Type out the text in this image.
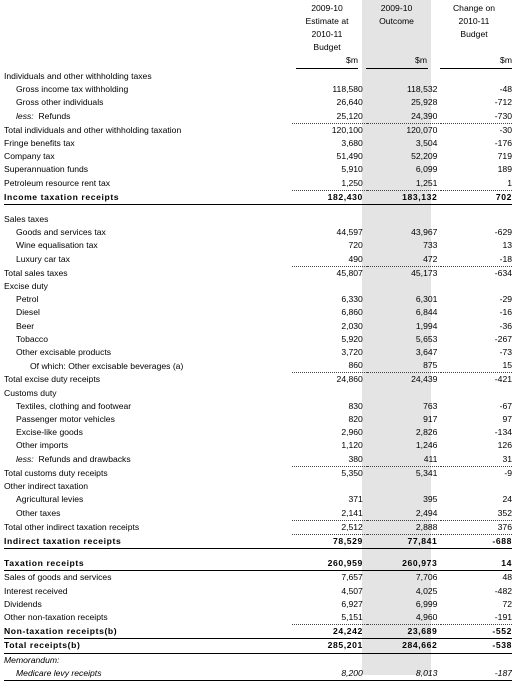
2009-10
Estimate at
2010-11
Budget
$m
2009-10
Outcome

$m
Change on
2010-11
Budget

$m
Individuals and other withholding taxes			
Gross income tax withholding	118,580	118,532	-48
Gross other individuals	26,640	25,928	-712
less: Refunds	25,120	24,390	-730
Total individuals and other withholding taxation	120,100	120,070	-30
Fringe benefits tax	3,680	3,504	-176
Company tax	51,490	52,209	719
Superannuation funds	5,910	6,099	189
Petroleum resource rent tax	1,250	1,251	1
Income taxation receipts	182,430	183,132	702

Sales taxes			
Goods and services tax	44,597	43,967	-629
Wine equalisation tax	720	733	13
Luxury car tax	490	472	-18
Total sales taxes	45,807	45,173	-634
Excise duty			
Petrol	6,330	6,301	-29
Diesel	6,860	6,844	-16
Beer	2,030	1,994	-36
Tobacco	5,920	5,653	-267
Other excisable products	3,720	3,647	-73
Of which: Other excisable beverages (a)	860	875	15
Total excise duty receipts	24,860	24,439	-421
Customs duty			
Textiles, clothing and footwear	830	763	-67
Passenger motor vehicles	820	917	97
Excise-like goods	2,960	2,826	-134
Other imports	1,120	1,246	126
less: Refunds and drawbacks	380	411	31
Total customs duty receipts	5,350	5,341	-9
Other indirect taxation			
Agricultural levies	371	395	24
Other taxes	2,141	2,494	352
Total other indirect taxation receipts	2,512	2,888	376
Indirect taxation receipts	78,529	77,841	-688

Taxation receipts	260,959	260,973	14
Sales of goods and services	7,657	7,706	48
Interest received	4,507	4,025	-482
Dividends	6,927	6,999	72
Other non-taxation receipts	5,151	4,960	-191
Non-taxation receipts(b)	24,242	23,689	-552
Total receipts(b)	285,201	284,662	-538
Memorandum:			
Medicare levy receipts	8,200	8,013	-187
